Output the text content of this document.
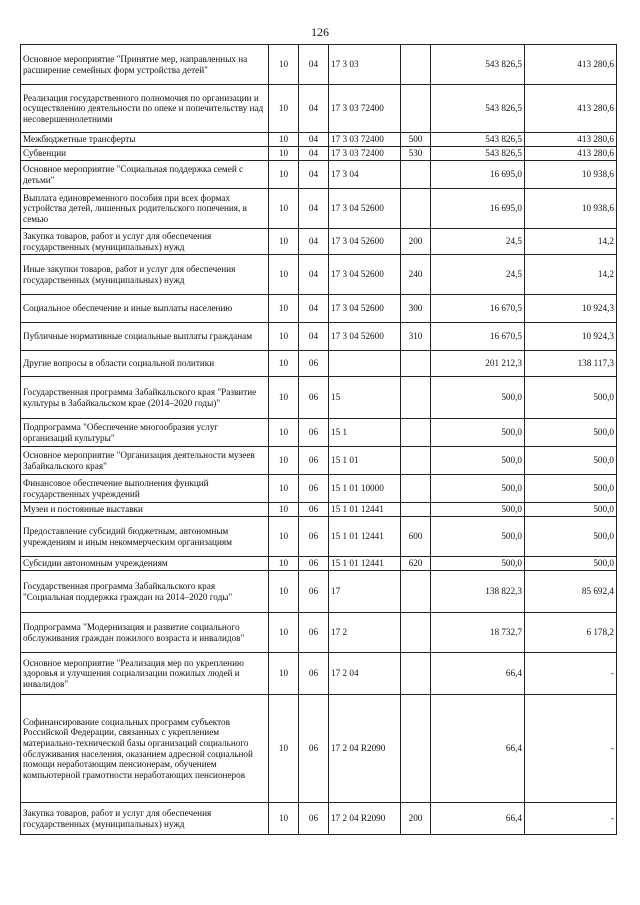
126
Основное мероприятие "Принятие мер, направленных на расширение семейных форм устройства детей"	10	04	17 3 03		543 826,5	413 280,6
Реализация государственного полномочия по организации и осуществлению деятельности по опеке и попечительству над несовершеннолетними	10	04	17 3 03 72400		543 826,5	413 280,6
Межбюджетные трансферты	10	04	17 3 03 72400	500	543 826,5	413 280,6
Субвенции	10	04	17 3 03 72400	530	543 826,5	413 280,6
Основное мероприятие "Социальная поддержка семей с детьми"	10	04	17 3 04		16 695,0	10 938,6
Выплата единовременного пособия при всех формах устройства детей, лишенных родительского попечения, в семью	10	04	17 3 04 52600		16 695,0	10 938,6
Закупка товаров, работ и услуг для обеспечения государственных (муниципальных) нужд	10	04	17 3 04 52600	200	24,5	14,2
Иные закупки товаров, работ и услуг для обеспечения государственных (муниципальных) нужд	10	04	17 3 04 52600	240	24,5	14,2
Социальное обеспечение и иные выплаты населению	10	04	17 3 04 52600	300	16 670,5	10 924,3
Публичные нормативные социальные выплаты гражданам	10	04	17 3 04 52600	310	16 670,5	10 924,3
Другие вопросы в области социальной политики	10	06			201 212,3	138 117,3
Государственная программа Забайкальского края "Развитие культуры в Забайкальском крае (2014–2020 годы)"	10	06	15		500,0	500,0
Подпрограмма "Обеспечение многообразия услуг организаций культуры"	10	06	15 1		500,0	500,0
Основное мероприятие "Организация деятельности музеев Забайкальского края"	10	06	15 1 01		500,0	500,0
Финансовое обеспечение выполнения функций государственных учреждений	10	06	15 1 01 10000		500,0	500,0
Музеи и постоянные выставки	10	06	15 1 01 12441		500,0	500,0
Предоставление субсидий бюджетным, автономным учреждениям и иным некоммерческим организациям	10	06	15 1 01 12441	600	500,0	500,0
Субсидии автономным учреждениям	10	06	15 1 01 12441	620	500,0	500,0
Государственная программа Забайкальского края "Социальная поддержка граждан на 2014–2020 годы"	10	06	17		138 822,3	85 692,4
Подпрограмма "Модернизация и развитие социального обслуживания граждан пожилого возраста и инвалидов"	10	06	17 2		18 732,7	6 178,2
Основное мероприятие "Реализация мер по укреплению здоровья и улучшения социализации пожилых людей и инвалидов"	10	06	17 2 04		66,4	-
Софинансирование социальных программ субъектов Российской Федерации, связанных с укреплением материально-технической базы организаций социального обслуживания населения, оказанием адресной социальной помощи неработающим пенсионерам, обучением компьютерной грамотности неработающих пенсионеров	10	06	17 2 04 R2090		66,4	-
Закупка товаров, работ и услуг для обеспечения государственных (муниципальных) нужд	10	06	17 2 04 R2090	200	66,4	-
